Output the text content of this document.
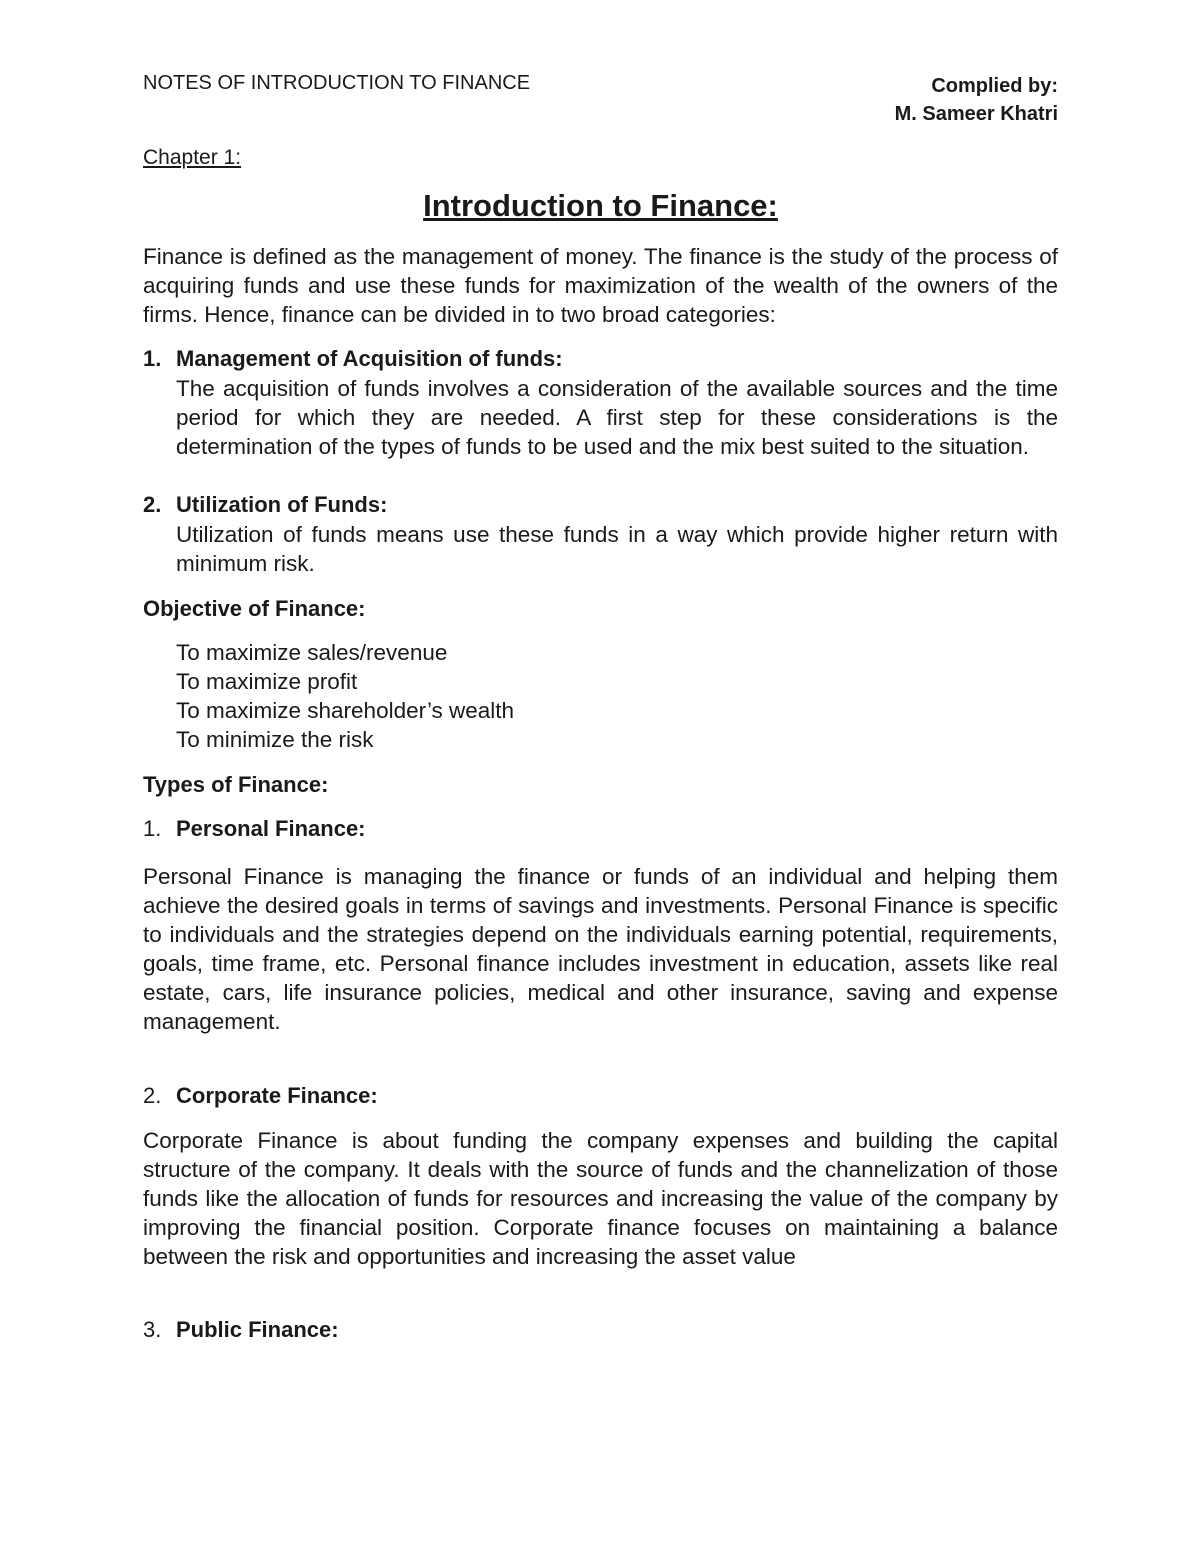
NOTES OF INTRODUCTION TO FINANCE	Complied by:
M. Sameer Khatri
Chapter 1:
Introduction to Finance:
Finance is defined as the management of money. The finance is the study of the process of acquiring funds and use these funds for maximization of the wealth of the owners of the firms. Hence, finance can be divided in to two broad categories:
1. Management of Acquisition of funds:
The acquisition of funds involves a consideration of the available sources and the time period for which they are needed. A first step for these considerations is the determination of the types of funds to be used and the mix best suited to the situation.
2. Utilization of Funds:
Utilization of funds means use these funds in a way which provide higher return with minimum risk.
Objective of Finance:
To maximize sales/revenue
To maximize profit
To maximize shareholder’s wealth
To minimize the risk
Types of Finance:
1. Personal Finance:
Personal Finance is managing the finance or funds of an individual and helping them achieve the desired goals in terms of savings and investments. Personal Finance is specific to individuals and the strategies depend on the individuals earning potential, requirements, goals, time frame, etc. Personal finance includes investment in education, assets like real estate, cars, life insurance policies, medical and other insurance, saving and expense management.
2. Corporate Finance:
Corporate Finance is about funding the company expenses and building the capital structure of the company. It deals with the source of funds and the channelization of those funds like the allocation of funds for resources and increasing the value of the company by improving the financial position. Corporate finance focuses on maintaining a balance between the risk and opportunities and increasing the asset value
3. Public Finance:
